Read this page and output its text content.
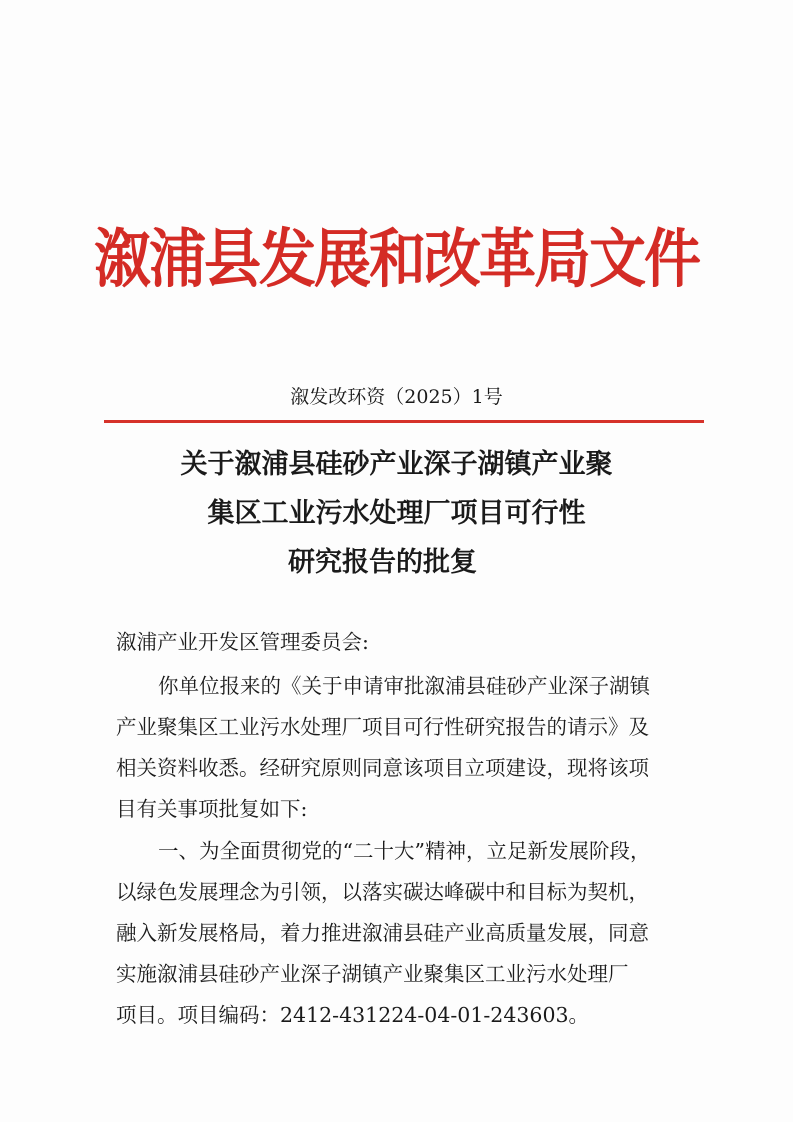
溆浦县发展和改革局文件
溆发改环资（2025）1号
关于溆浦县硅砂产业深子湖镇产业聚
集区工业污水处理厂项目可行性
研究报告的批复
溆浦产业开发区管理委员会:
你单位报来的《关于申请审批溆浦县硅砂产业深子湖镇
产业聚集区工业污水处理厂项目可行性研究报告的请示》及
相关资料收悉。经研究原则同意该项目立项建设，现将该项
目有关事项批复如下:
一、为全面贯彻党的“二十大”精神，立足新发展阶段，
以绿色发展理念为引领，以落实碳达峰碳中和目标为契机，
融入新发展格局，着力推进溆浦县硅产业高质量发展，同意
实施溆浦县硅砂产业深子湖镇产业聚集区工业污水处理厂
项目。项目编码：2412-431224-04-01-243603。
